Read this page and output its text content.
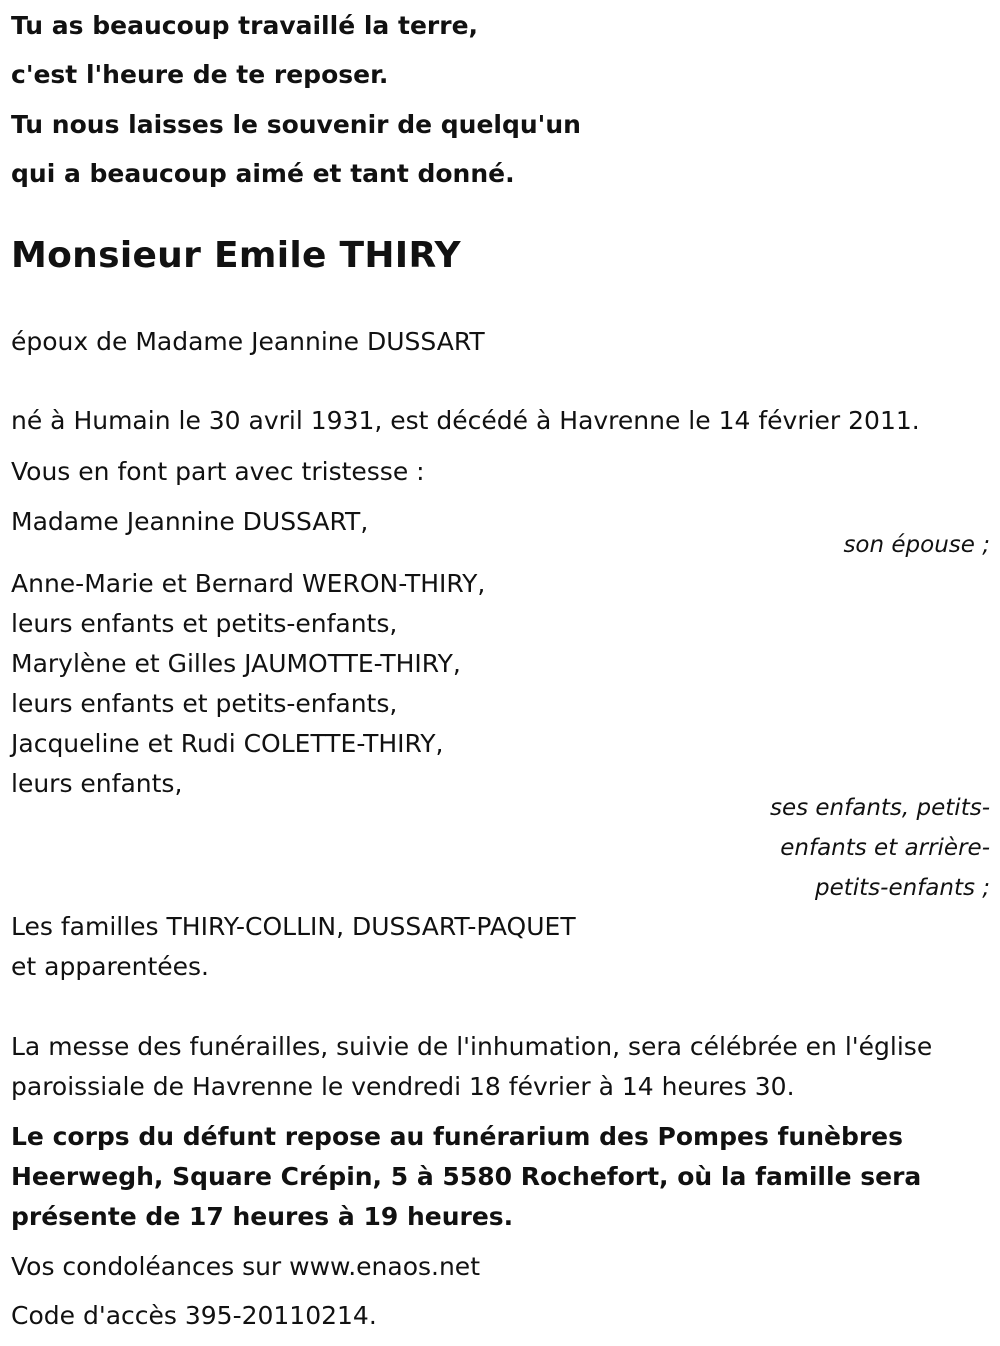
Tu as beaucoup travaillé la terre,
c'est l'heure de te reposer.
Tu nous laisses le souvenir de quelqu'un
qui a beaucoup aimé et tant donné.
Monsieur Emile THIRY
époux de Madame Jeannine DUSSART
né à Humain le 30 avril 1931, est décédé à Havrenne le 14 février 2011.
Vous en font part avec tristesse :
Madame Jeannine DUSSART,
son épouse ;
Anne-Marie et Bernard WERON-THIRY,
leurs enfants et petits-enfants,
Marylène et Gilles JAUMOTTE-THIRY,
leurs enfants et petits-enfants,
Jacqueline et Rudi COLETTE-THIRY,
leurs enfants,
ses enfants, petits-
enfants et arrière-
petits-enfants ;
Les familles THIRY-COLLIN, DUSSART-PAQUET
et apparentées.
La messe des funérailles, suivie de l'inhumation, sera célébrée en l'église
paroissiale de Havrenne le vendredi 18 février à 14 heures 30.
Le corps du défunt repose au funérarium des Pompes funèbres
Heerwegh, Square Crépin, 5 à 5580 Rochefort, où la famille sera
présente de 17 heures à 19 heures.
Vos condoléances sur www.enaos.net
Code d'accès 395-20110214.
